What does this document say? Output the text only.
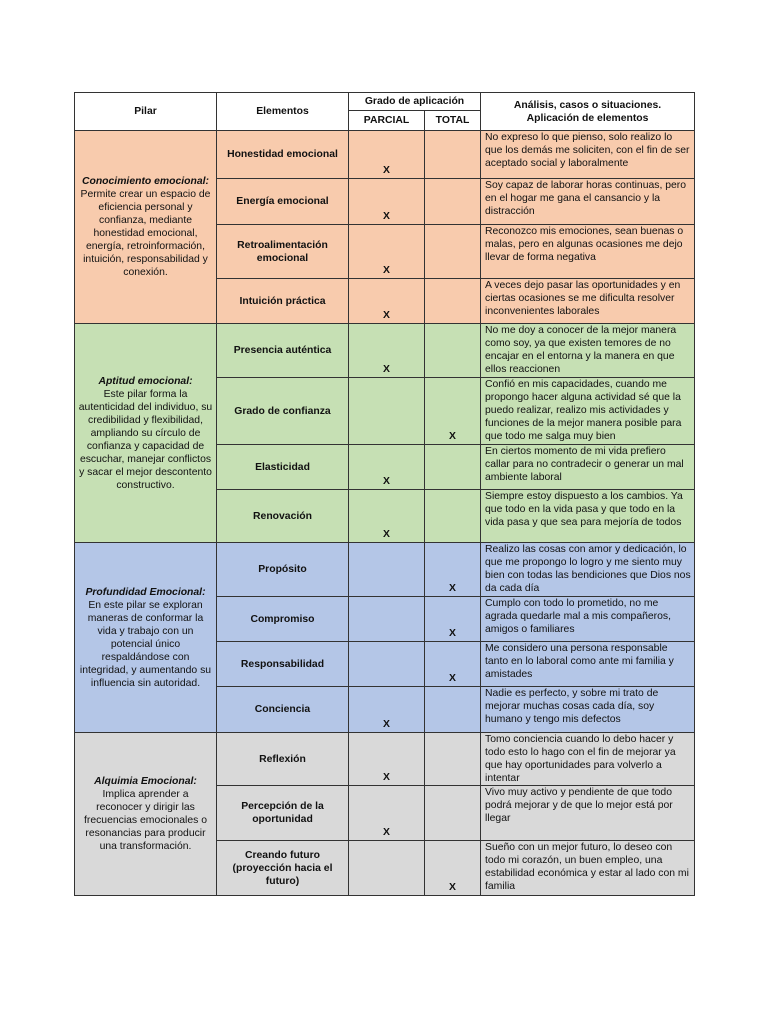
Pilar	Elementos	Grado de aplicación		Análisis, casos o situaciones.
Aplicación de elementos

		PARCIAL	TOTAL	

Conocimiento emocional:
Permite crear un espacio de eficiencia personal y confianza, mediante honestidad emocional, energía, retroinformación, intuición, responsabilidad y conexión.	Honestidad emocional	X		No expreso lo que pienso, solo realizo lo que los demás me soliciten, con el fin de ser aceptado social y laboralmente
	Energía emocional	X		Soy capaz de laborar horas continuas, pero en el hogar me gana el cansancio y la distracción
	Retroalimentación emocional	X		Reconozco mis emociones, sean buenas o malas, pero en algunas ocasiones me dejo llevar de forma negativa
	Intuición práctica	X		A veces dejo pasar las oportunidades y en ciertas ocasiones se me dificulta resolver inconvenientes laborales

Aptitud emocional:
Este pilar forma la autenticidad del individuo, su credibilidad y flexibilidad, ampliando su círculo de confianza y capacidad de escuchar, manejar conflictos y sacar el mejor descontento constructivo.	Presencia auténtica	X		No me doy a conocer de la mejor manera como soy, ya que existen temores de no encajar en el entorna y la manera en que ellos reaccionen
	Grado de confianza		X	Confió en mis capacidades, cuando me propongo hacer alguna actividad sé que la puedo realizar, realizo mis actividades y funciones de la mejor manera posible para que todo me salga muy bien
	Elasticidad	X		En ciertos momento de mi vida prefiero callar para no contradecir o generar un mal ambiente laboral
	Renovación	X		Siempre estoy dispuesto a los cambios. Ya que todo en la vida pasa y que todo en la vida pasa y que sea para mejoría de todos

Profundidad Emocional:
En este pilar se exploran maneras de conformar la vida y trabajo con un potencial único respaldándose con integridad, y aumentando su influencia sin autoridad.	Propósito		X	Realizo las cosas con amor y dedicación, lo que me propongo lo logro y me siento muy bien con todas las bendiciones que Dios nos da cada día
	Compromiso		X	Cumplo con todo lo prometido, no me agrada quedarle mal a mis compañeros, amigos o familiares
	Responsabilidad		X	Me considero una persona responsable tanto en lo laboral como ante mi familia y amistades
	Conciencia	X		Nadie es perfecto, y sobre mi trato de mejorar muchas cosas cada día, soy humano y tengo mis defectos

Alquimia Emocional:
Implica aprender a reconocer y dirigir las frecuencias emocionales o resonancias para producir una transformación.	Reflexión	X		Tomo conciencia cuando lo debo hacer y todo esto lo hago con el fin de mejorar ya que hay oportunidades para volverlo a intentar
	Percepción de la oportunidad	X		Vivo muy activo y pendiente de que todo podrá mejorar y de que lo mejor está por llegar
	Creando futuro (proyección hacia el futuro)		X	Sueño con un mejor futuro, lo deseo con todo mi corazón, un buen empleo, una estabilidad económica y estar al lado con mi familia
